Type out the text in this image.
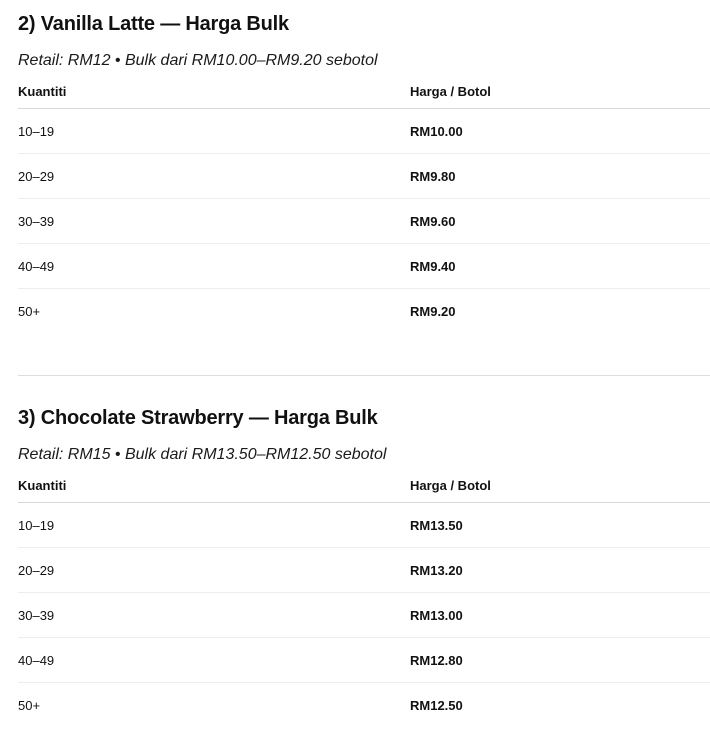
2) Vanilla Latte — Harga Bulk

Retail: RM12 • Bulk dari RM10.00–RM9.20 sebotol

Kuantiti	Harga / Botol
10–19	RM10.00
20–29	RM9.80
30–39	RM9.60
40–49	RM9.40
50+	RM9.20
3) Chocolate Strawberry — Harga Bulk

Retail: RM15 • Bulk dari RM13.50–RM12.50 sebotol

Kuantiti	Harga / Botol
10–19	RM13.50
20–29	RM13.20
30–39	RM13.00
40–49	RM12.80
50+	RM12.50
